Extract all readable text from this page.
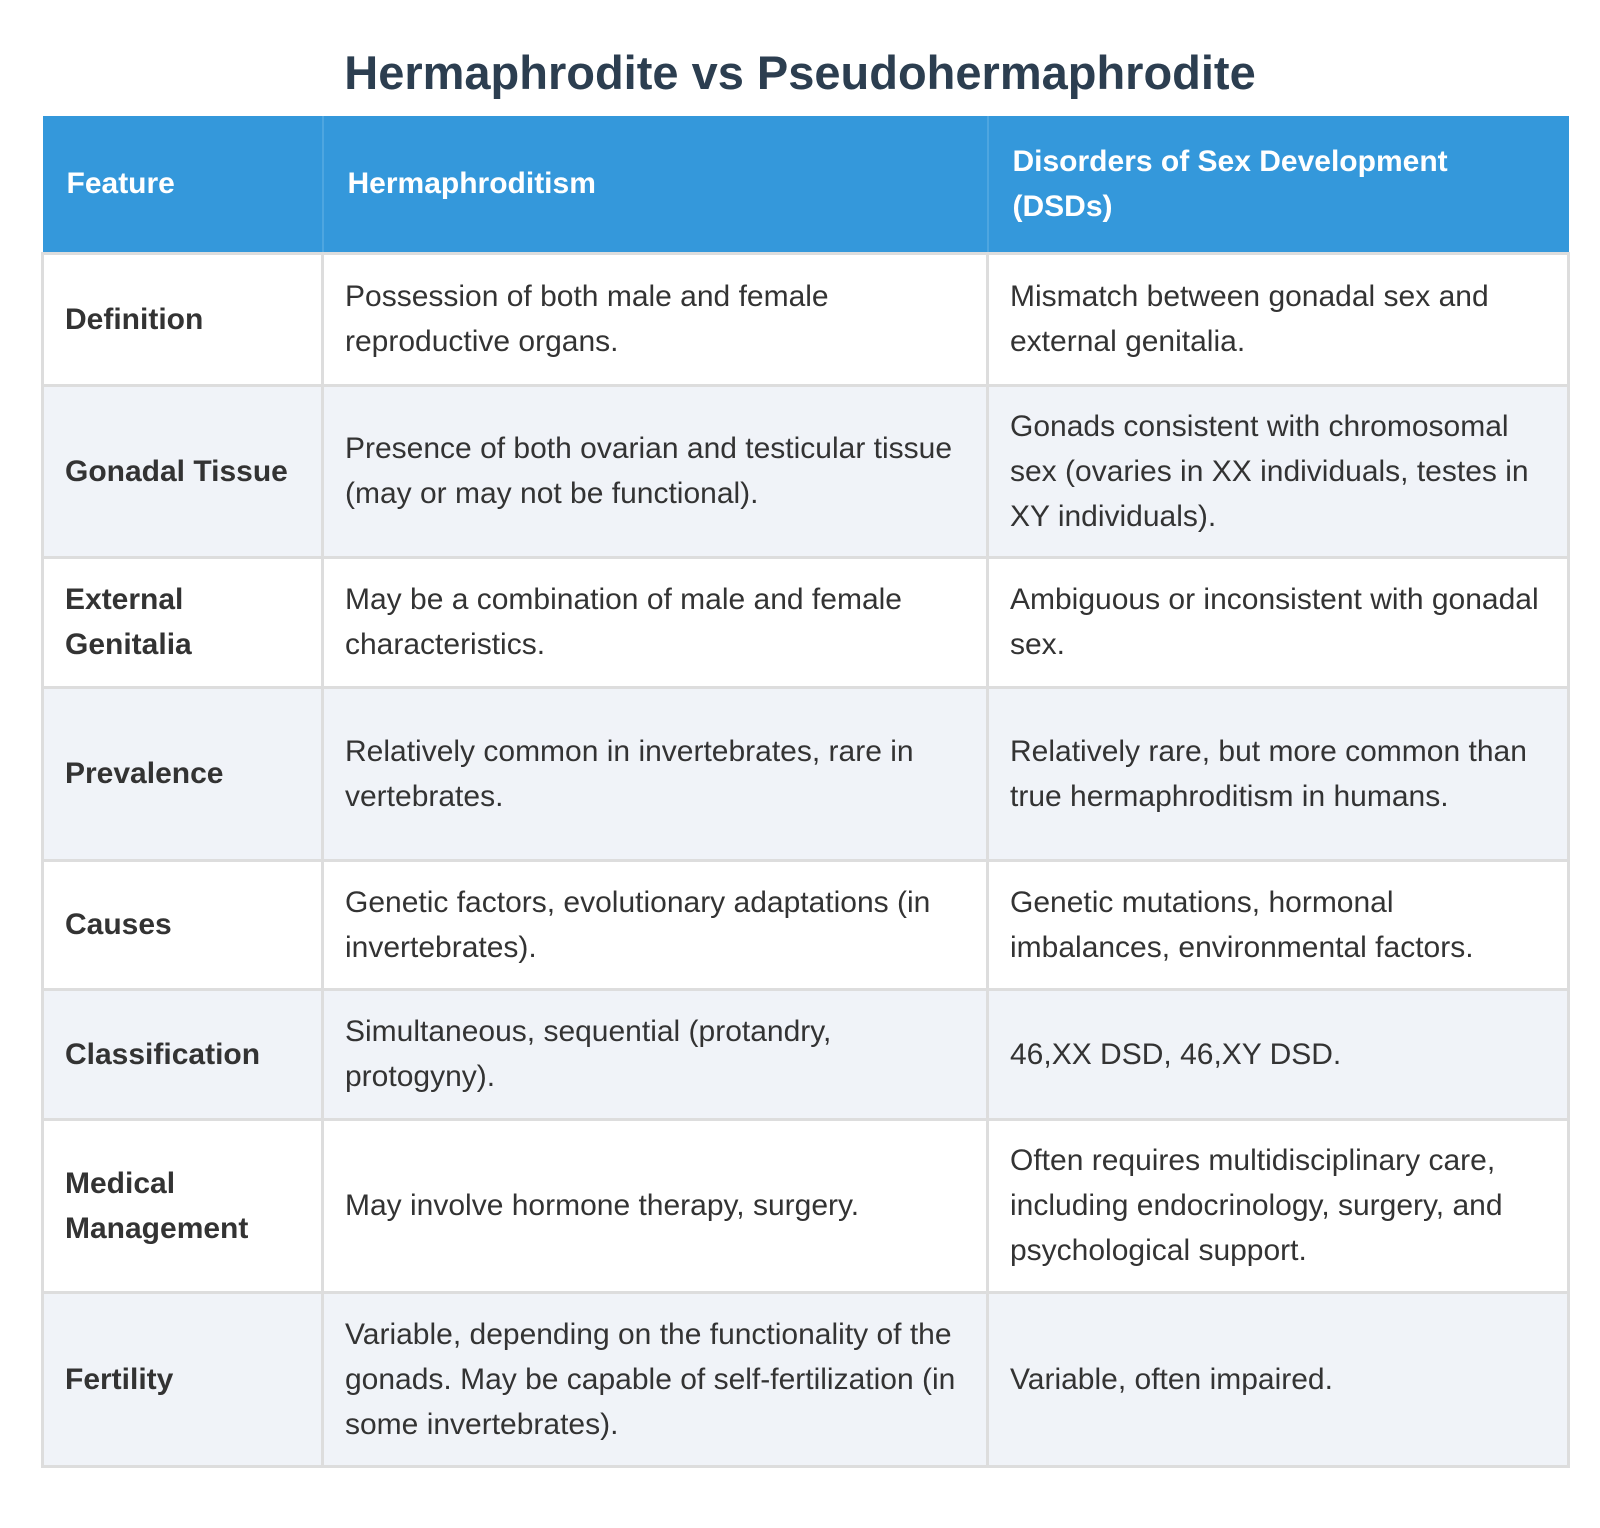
Hermaphrodite vs Pseudohermaphrodite
Feature	Hermaphroditism	Disorders of Sex Development (DSDs)
Definition	Possession of both male and female reproductive organs.	Mismatch between gonadal sex and external genitalia.
Gonadal Tissue	Presence of both ovarian and testicular tissue (may or may not be functional).	Gonads consistent with chromosomal sex (ovaries in XX individuals, testes in XY individuals).
External Genitalia	May be a combination of male and female characteristics.	Ambiguous or inconsistent with gonadal sex.
Prevalence	Relatively common in invertebrates, rare in vertebrates.	Relatively rare, but more common than true hermaphroditism in humans.
Causes	Genetic factors, evolutionary adaptations (in invertebrates).	Genetic mutations, hormonal imbalances, environmental factors.
Classification	Simultaneous, sequential (protandry, protogyny).	46,XX DSD, 46,XY DSD.
Medical Management	May involve hormone therapy, surgery.	Often requires multidisciplinary care, including endocrinology, surgery, and psychological support.
Fertility	Variable, depending on the functionality of the gonads. May be capable of self-fertilization (in some invertebrates).	Variable, often impaired.
